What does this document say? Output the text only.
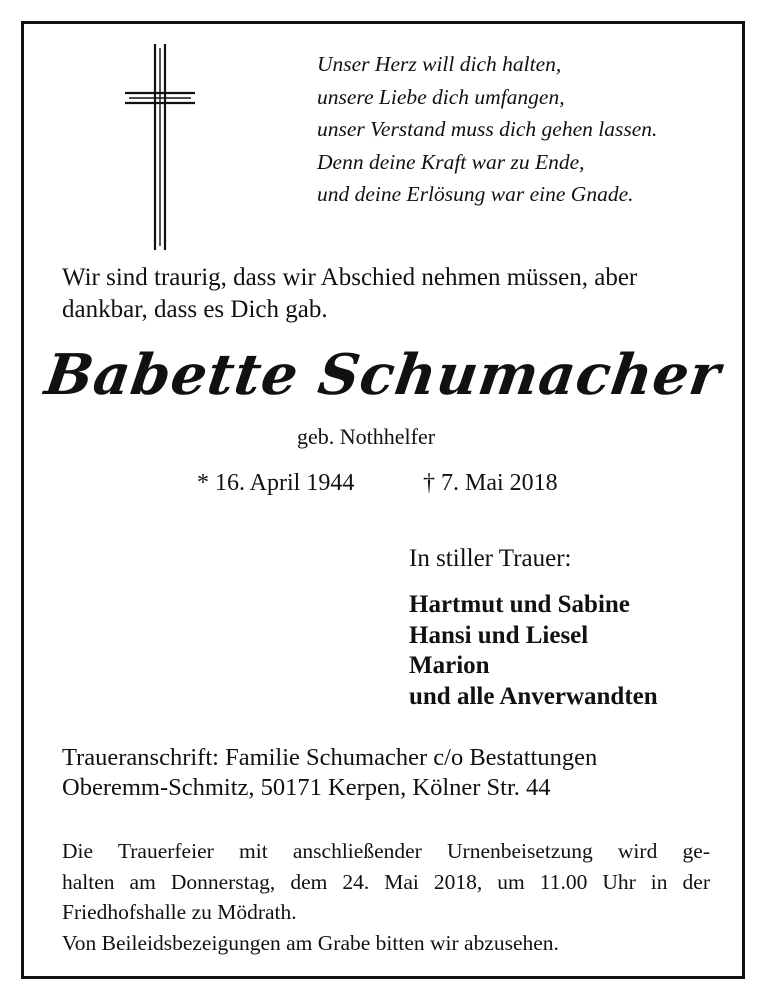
Unser Herz will dich halten,
unsere Liebe dich umfangen,
unser Verstand muss dich gehen lassen.
Denn deine Kraft war zu Ende,
und deine Erlösung war eine Gnade.
Wir sind traurig, dass wir Abschied nehmen müssen, aber
dankbar, dass es Dich gab.
Babette Schumacher
geb. Nothhelfer
* 16. April 1944	† 7. Mai 2018
In stiller Trauer:
Hartmut und Sabine
Hansi und Liesel
Marion
und alle Anverwandten
Traueranschrift: Familie Schumacher c/o Bestattungen
Oberemm-Schmitz, 50171 Kerpen, Kölner Str. 44
Die Trauerfeier mit anschließender Urnenbeisetzung wird ge-
halten am Donnerstag, dem 24. Mai 2018, um 11.00 Uhr in der
Friedhofshalle zu Mödrath.
Von Beileidsbezeigungen am Grabe bitten wir abzusehen.
